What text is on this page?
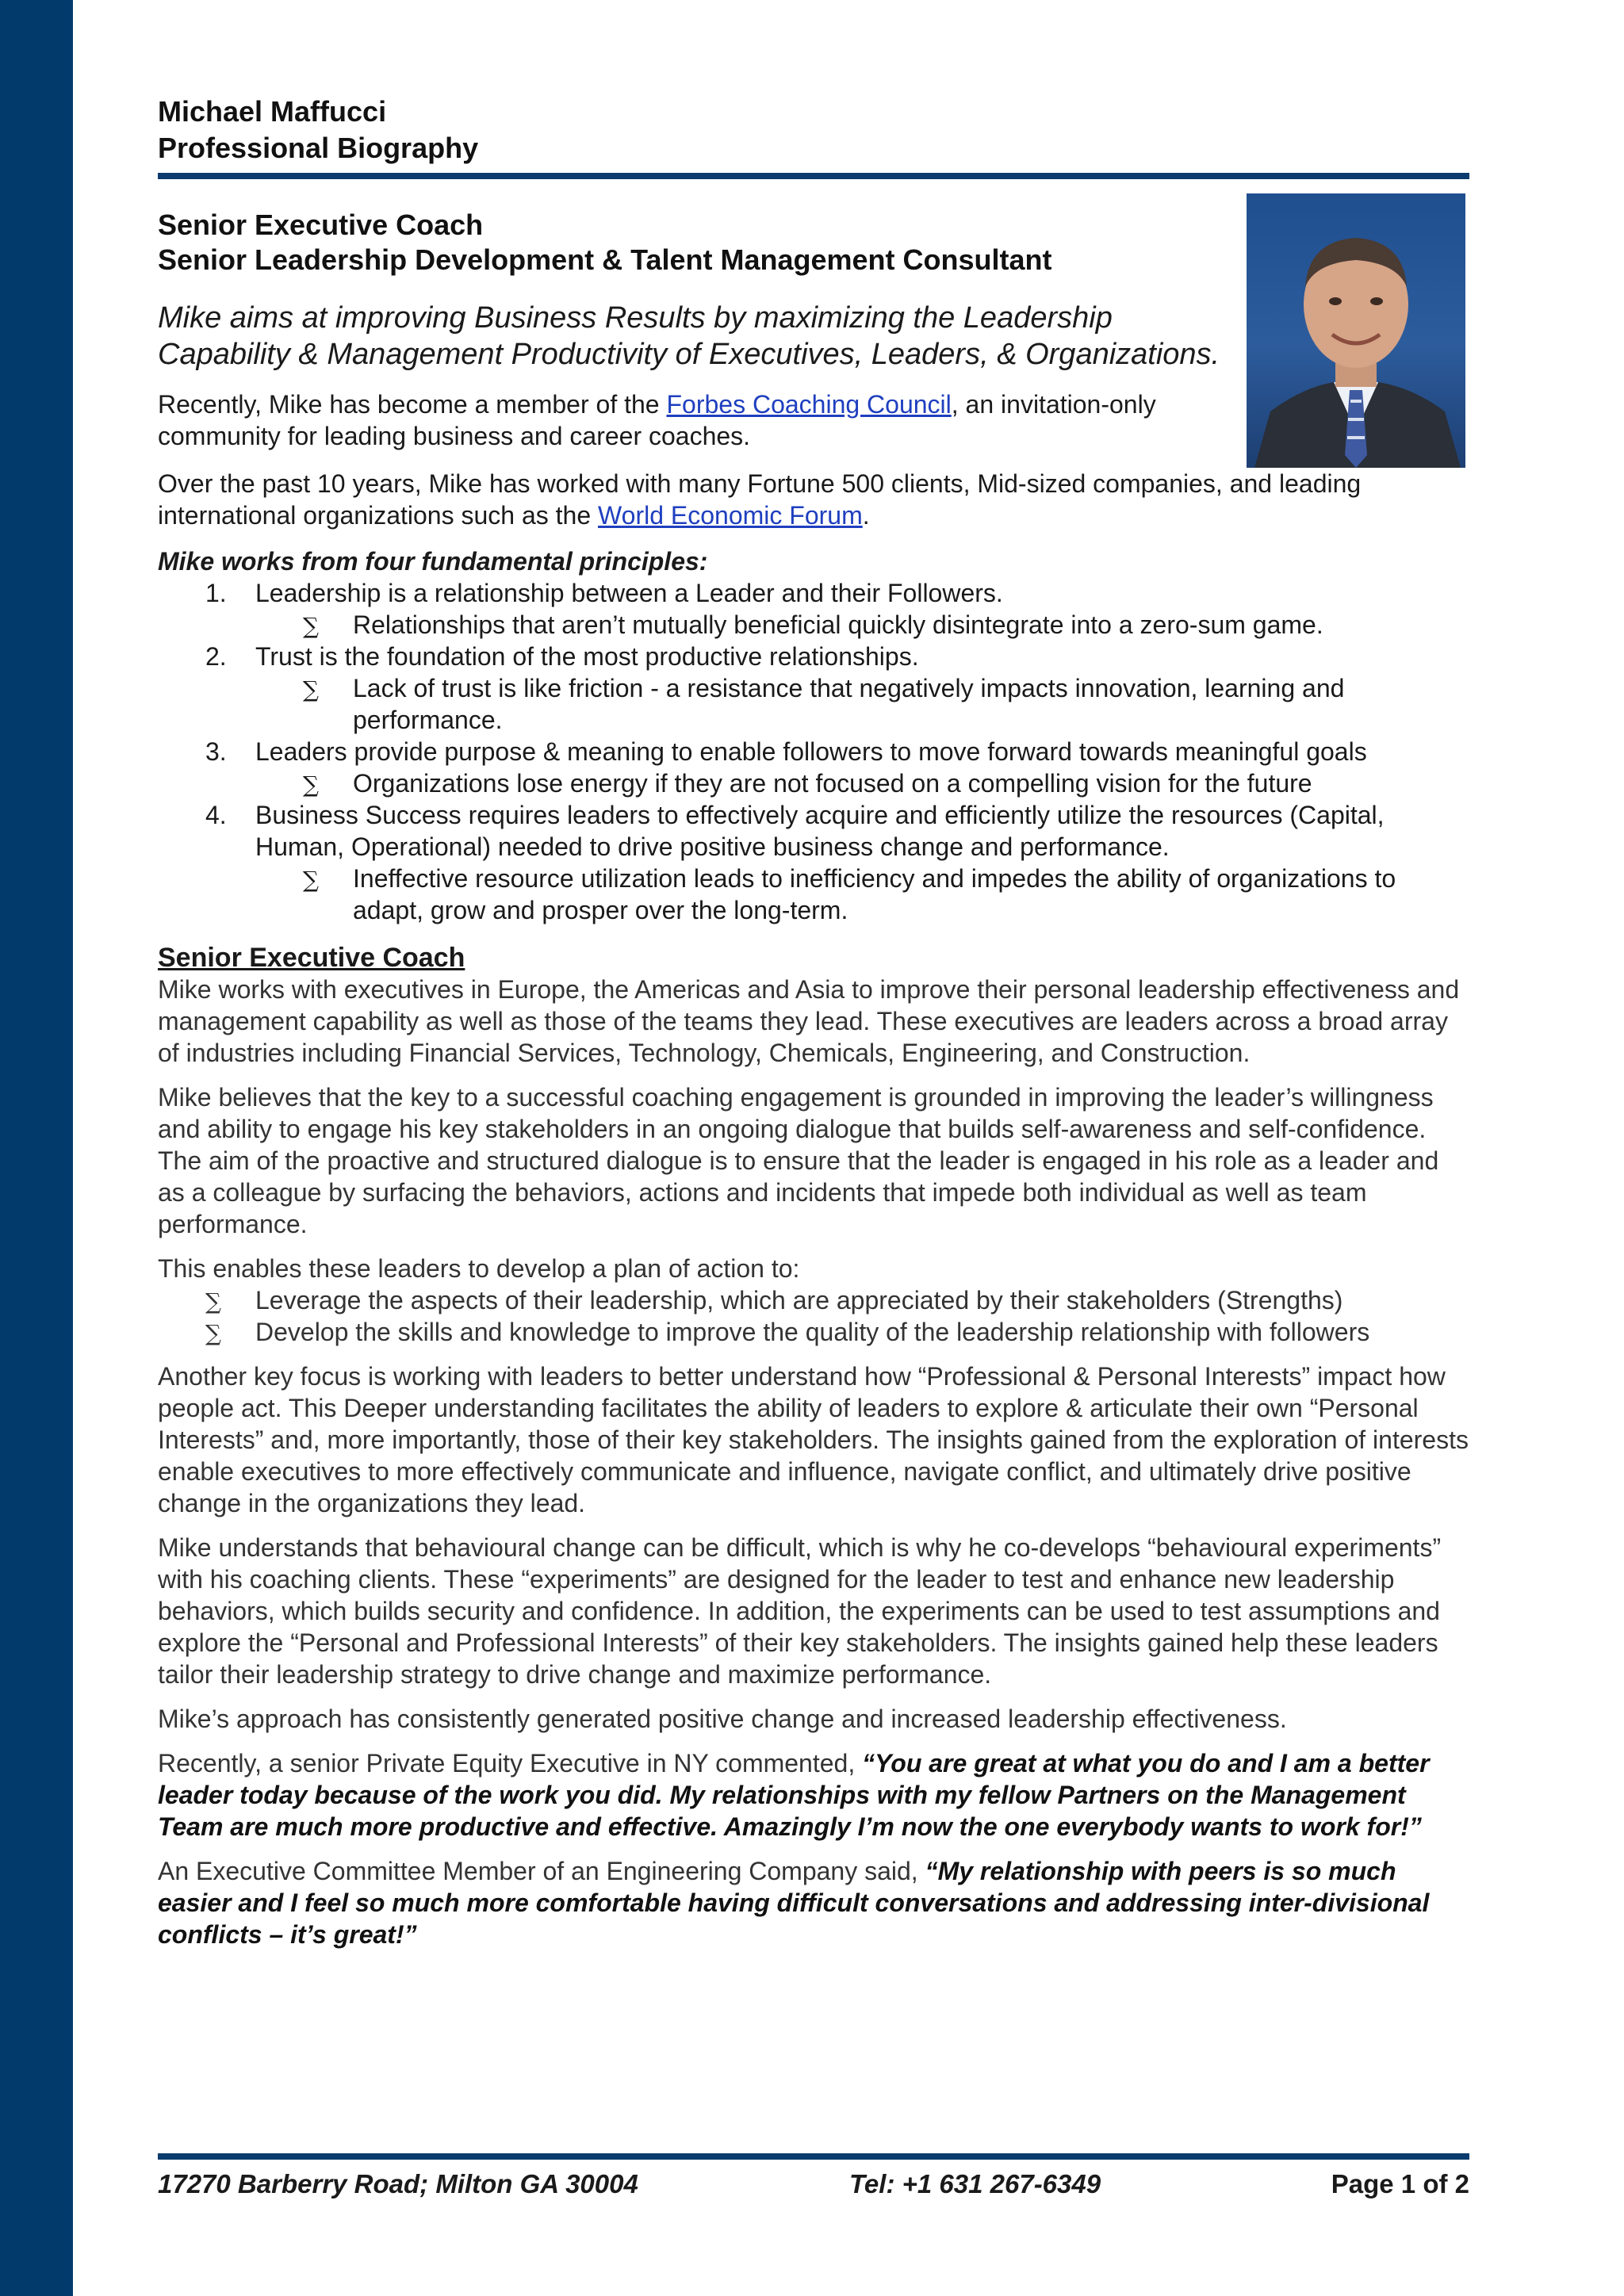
Michael Maffucci
Professional Biography
Senior Executive Coach
Senior Leadership Development & Talent Management Consultant

Mike aims at improving Business Results by maximizing the Leadership Capability & Management Productivity of Executives, Leaders, & Organizations.

Recently, Mike has become a member of the Forbes Coaching Council, an invitation-only community for leading business and career coaches.

Over the past 10 years, Mike has worked with many Fortune 500 clients, Mid-sized companies, and leading international organizations such as the World Economic Forum.

Mike works from four fundamental principles:

1. Leadership is a relationship between a Leader and their Followers.
∑ Relationships that aren’t mutually beneficial quickly disintegrate into a zero-sum game.
2. Trust is the foundation of the most productive relationships.
∑ Lack of trust is like friction - a resistance that negatively impacts innovation, learning and performance.
3. Leaders provide purpose & meaning to enable followers to move forward towards meaningful goals
∑ Organizations lose energy if they are not focused on a compelling vision for the future
4. Business Success requires leaders to effectively acquire and efficiently utilize the resources (Capital, Human, Operational) needed to drive positive business change and performance.
∑ Ineffective resource utilization leads to inefficiency and impedes the ability of organizations to adapt, grow and prosper over the long-term.

Senior Executive Coach

Mike works with executives in Europe, the Americas and Asia to improve their personal leadership effectiveness and management capability as well as those of the teams they lead. These executives are leaders across a broad array of industries including Financial Services, Technology, Chemicals, Engineering, and Construction.

Mike believes that the key to a successful coaching engagement is grounded in improving the leader’s willingness and ability to engage his key stakeholders in an ongoing dialogue that builds self-awareness and self-confidence. The aim of the proactive and structured dialogue is to ensure that the leader is engaged in his role as a leader and as a colleague by surfacing the behaviors, actions and incidents that impede both individual as well as team performance.

This enables these leaders to develop a plan of action to:

∑ Leverage the aspects of their leadership, which are appreciated by their stakeholders (Strengths)
∑ Develop the skills and knowledge to improve the quality of the leadership relationship with followers

Another key focus is working with leaders to better understand how “Professional & Personal Interests” impact how people act. This Deeper understanding facilitates the ability of leaders to explore & articulate their own “Personal Interests” and, more importantly, those of their key stakeholders. The insights gained from the exploration of interests enable executives to more effectively communicate and influence, navigate conflict, and ultimately drive positive change in the organizations they lead.

Mike understands that behavioural change can be difficult, which is why he co-develops “behavioural experiments” with his coaching clients. These “experiments” are designed for the leader to test and enhance new leadership behaviors, which builds security and confidence. In addition, the experiments can be used to test assumptions and explore the “Personal and Professional Interests” of their key stakeholders. The insights gained help these leaders tailor their leadership strategy to drive change and maximize performance.

Mike’s approach has consistently generated positive change and increased leadership effectiveness.

Recently, a senior Private Equity Executive in NY commented, “You are great at what you do and I am a better leader today because of the work you did. My relationships with my fellow Partners on the Management Team are much more productive and effective. Amazingly I’m now the one everybody wants to work for!”

An Executive Committee Member of an Engineering Company said, “My relationship with peers is so much easier and I feel so much more comfortable having difficult conversations and addressing inter-divisional conflicts – it’s great!”

17270 Barberry Road; Milton GA 30004	Tel: +1 631 267-6349	Page 1 of 2
